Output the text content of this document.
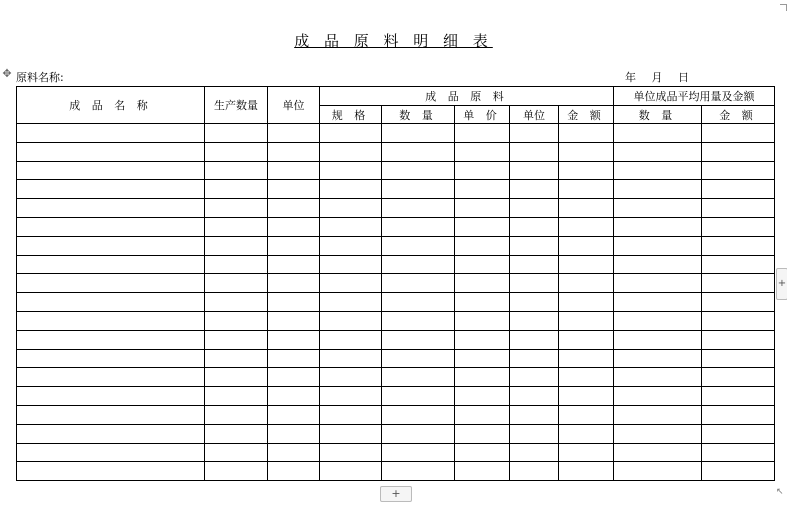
成 品 原 料 明 细 表
✥ 原料名称:	年 月 日
成 品 名 称	生产数量	单位	成 品 原 料					单位成品平均用量及金额	
			规 格	数 量	单 价	单位	金 额	数 量	金 额

+
+
↖
